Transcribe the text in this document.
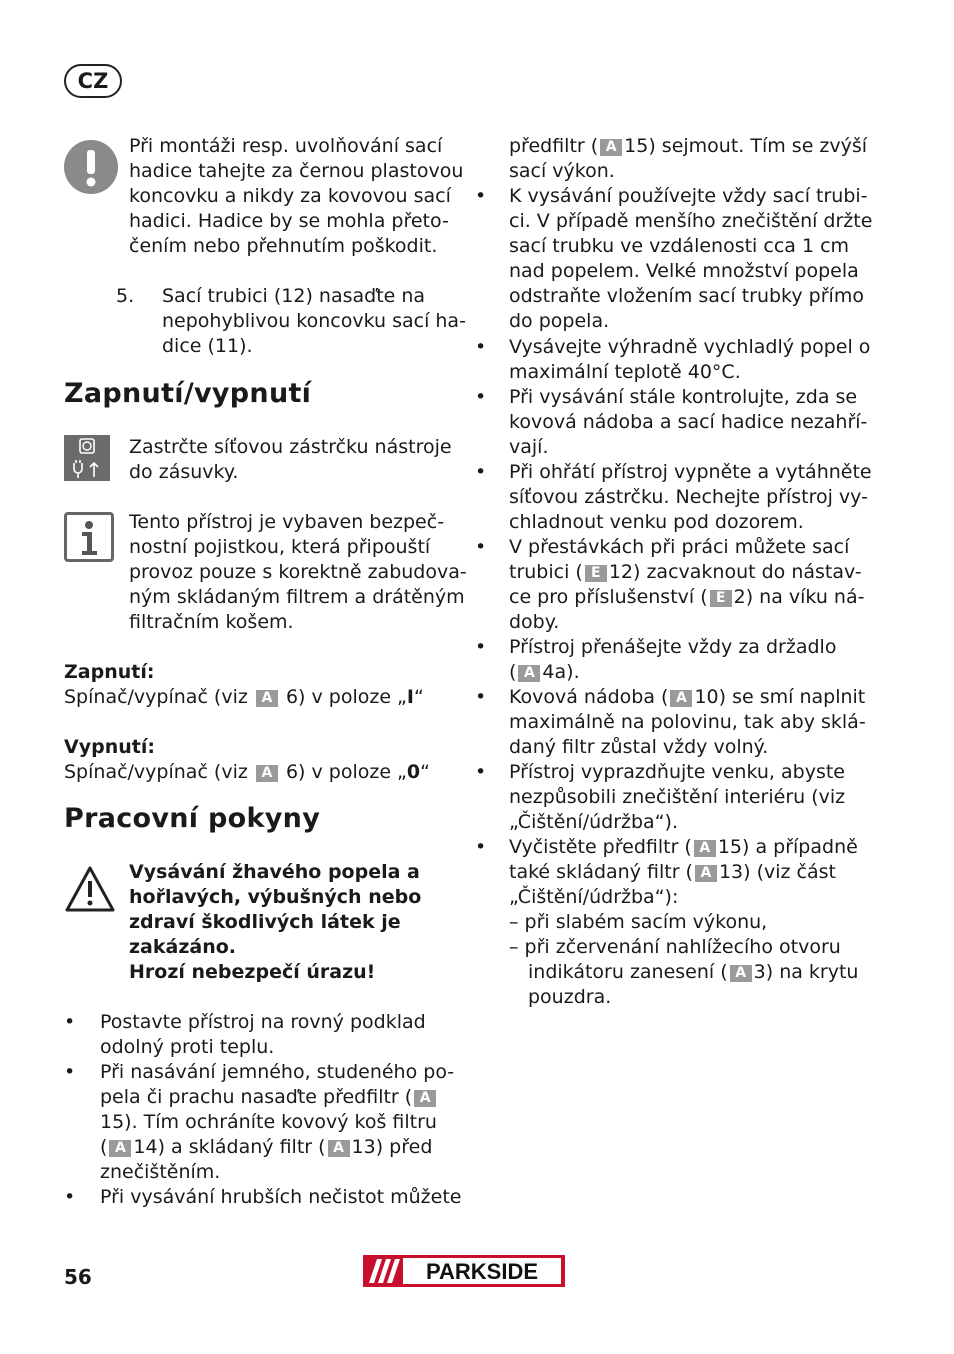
CZ
Při montáži resp. uvolňování sací
hadice tahejte za černou plastovou
koncovku a nikdy za kovovou sací
hadici. Hadice by se mohla přeto-
čením nebo přehnutím poškodit.
5. Sací trubici (12) nasaďte na
nepohyblivou koncovku sací ha-
dice (11).
Zapnutí/vypnutí
Zastrčte síťovou zástrčku nástroje
do zásuvky.
Tento přístroj je vybaven bezpeč-
nostní pojistkou, která připouští
provoz pouze s korektně zabudova-
ným skládaným filtrem a drátěným
filtračním košem.
Zapnutí:
Spínač/vypínač (viz A 6) v poloze „I“
Vypnutí:
Spínač/vypínač (viz A 6) v poloze „0“
Pracovní pokyny
Vysávání žhavého popela a
hořlavých, výbušných nebo
zdraví škodlivých látek je
zakázáno.
Hrozí nebezpečí úrazu!
• Postavte přístroj na rovný podklad
odolný proti teplu.
• Při nasávání jemného, studeného po-
pela či prachu nasaďte předfiltr ( A
15). Tím ochráníte kovový koš filtru
( A 14) a skládaný filtr ( A 13) před
znečištěním.
• Při vysávání hrubších nečistot můžete
předfiltr ( A 15) sejmout. Tím se zvýší
sací výkon.
• K vysávání používejte vždy sací trubi-
ci. V případě menšího znečištění držte
sací trubku ve vzdálenosti cca 1 cm
nad popelem. Velké množství popela
odstraňte vložením sací trubky přímo
do popela.
• Vysávejte výhradně vychladlý popel o
maximální teplotě 40°C.
• Při vysávání stále kontrolujte, zda se
kovová nádoba a sací hadice nezahří-
vají.
• Při ohřátí přístroj vypněte a vytáhněte
síťovou zástrčku. Nechejte přístroj vy-
chladnout venku pod dozorem.
• V přestávkách při práci můžete sací
trubici ( E 12) zacvaknout do nástav-
ce pro příslušenství ( E 2) na víku ná-
doby.
• Přístroj přenášejte vždy za držadlo
( A 4a).
• Kovová nádoba ( A 10) se smí naplnit
maximálně na polovinu, tak aby sklá-
daný filtr zůstal vždy volný.
• Přístroj vyprazdňujte venku, abyste
nezpůsobili znečištění interiéru (viz
„Čištění/údržba“).
• Vyčistěte předfiltr ( A 15) a případně
také skládaný filtr ( A 13) (viz část
„Čištění/údržba“):
– při slabém sacím výkonu,
– při zčervenání nahlížecího otvoru
indikátoru zanesení ( A 3) na krytu
pouzdra.
56	PARKSIDE
